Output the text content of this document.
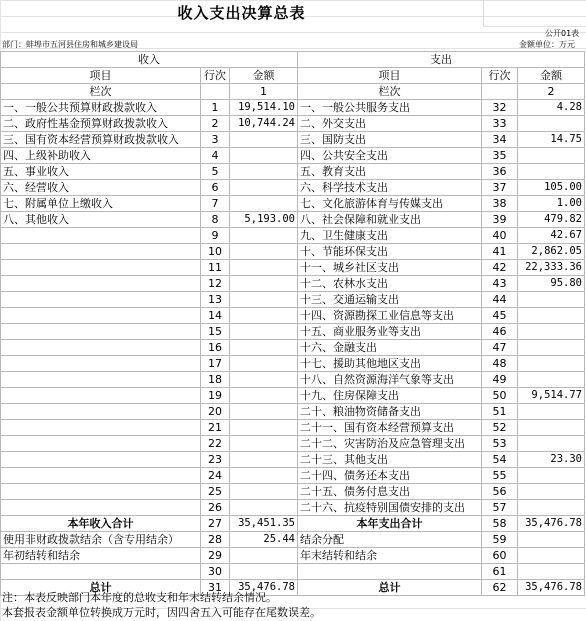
收入支出决算总表
公开01表
部门：蚌埠市五河县住房和城乡建设局	金额单位：万元
收入			支出		
项目	行次	金额	项目	行次	金额
栏次		1	栏次		2
一、一般公共预算财政拨款收入	1	19,514.10	一、一般公共服务支出	32	4.28
二、政府性基金预算财政拨款收入	2	10,744.24	二、外交支出	33	
三、国有资本经营预算财政拨款收入	3		三、国防支出	34	14.75
四、上级补助收入	4		四、公共安全支出	35	
五、事业收入	5		五、教育支出	36	
六、经营收入	6		六、科学技术支出	37	105.00
七、附属单位上缴收入	7		七、文化旅游体育与传媒支出	38	1.00
八、其他收入	8	5,193.00	八、社会保障和就业支出	39	479.82
	9		九、卫生健康支出	40	42.67
	10		十、节能环保支出	41	2,862.05
	11		十一、城乡社区支出	42	22,333.36
	12		十二、农林水支出	43	95.80
	13		十三、交通运输支出	44	
	14		十四、资源勘探工业信息等支出	45	
	15		十五、商业服务业等支出	46	
	16		十六、金融支出	47	
	17		十七、援助其他地区支出	48	
	18		十八、自然资源海洋气象等支出	49	
	19		十九、住房保障支出	50	9,514.77
	20		二十、粮油物资储备支出	51	
	21		二十一、国有资本经营预算支出	52	
	22		二十二、灾害防治及应急管理支出	53	
	23		二十三、其他支出	54	23.30
	24		二十四、债务还本支出	55	
	25		二十五、债务付息支出	56	
	26		二十六、抗疫特别国债安排的支出	57	
本年收入合计	27	35,451.35	本年支出合计	58	35,476.78
使用非财政拨款结余（含专用结余）	28	25.44	结余分配	59	
年初结转和结余	29		年末结转和结余	60	
	30			61	
总计	31	35,476.78	总计	62	35,476.78
注：本表反映部门本年度的总收支和年末结转结余情况。
本套报表金额单位转换成万元时，因四舍五入可能存在尾数误差。
